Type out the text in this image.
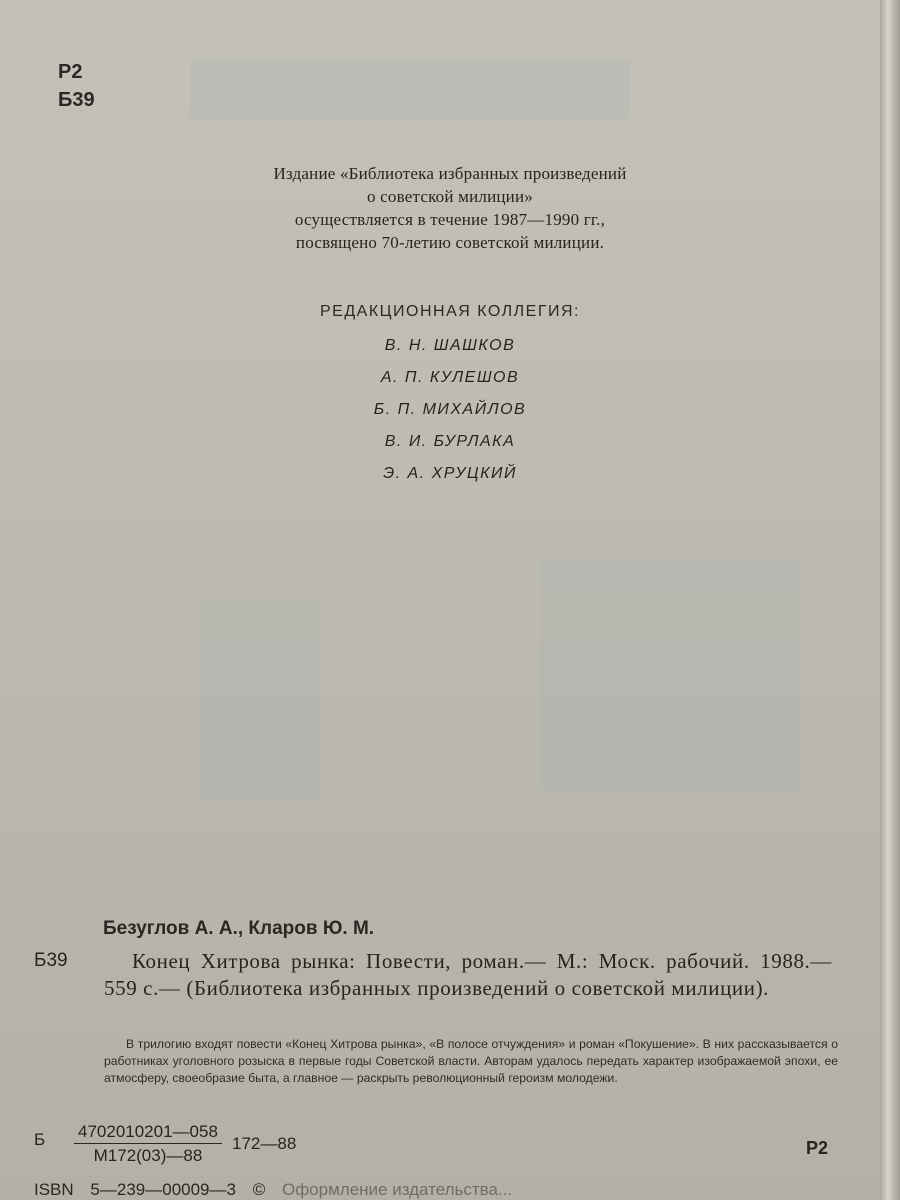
Р2
Б39
Издание «Библиотека избранных произведений
о советской милиции»
осуществляется в течение 1987—1990 гг.,
посвящено 70-летию советской милиции.
РЕДАКЦИОННАЯ КОЛЛЕГИЯ:
В. Н. ШАШКОВ
А. П. КУЛЕШОВ
Б. П. МИХАЙЛОВ
В. И. БУРЛАКА
Э. А. ХРУЦКИЙ
Безуглов А. А., Кларов Ю. М.
Б39	Конец Хитрова рынка: Повести, роман.— М.: Моск. рабочий. 1988.— 559 с.— (Библиотека избранных произведений о советской милиции).
В трилогию входят повести «Конец Хитрова рынка», «В полосе отчуждения» и роман «Покушение». В них рассказывается о работниках уголовного розыска в первые годы Советской власти. Авторам удалось передать характер изображаемой эпохи, ее атмосферу, своеобразие быта, а главное — раскрыть революционный героизм молодежи.
Б 4702010201—058
М172(03)—88
172—88	Р2
ISBN 5—239—00009—3 © Оформление издательства...
